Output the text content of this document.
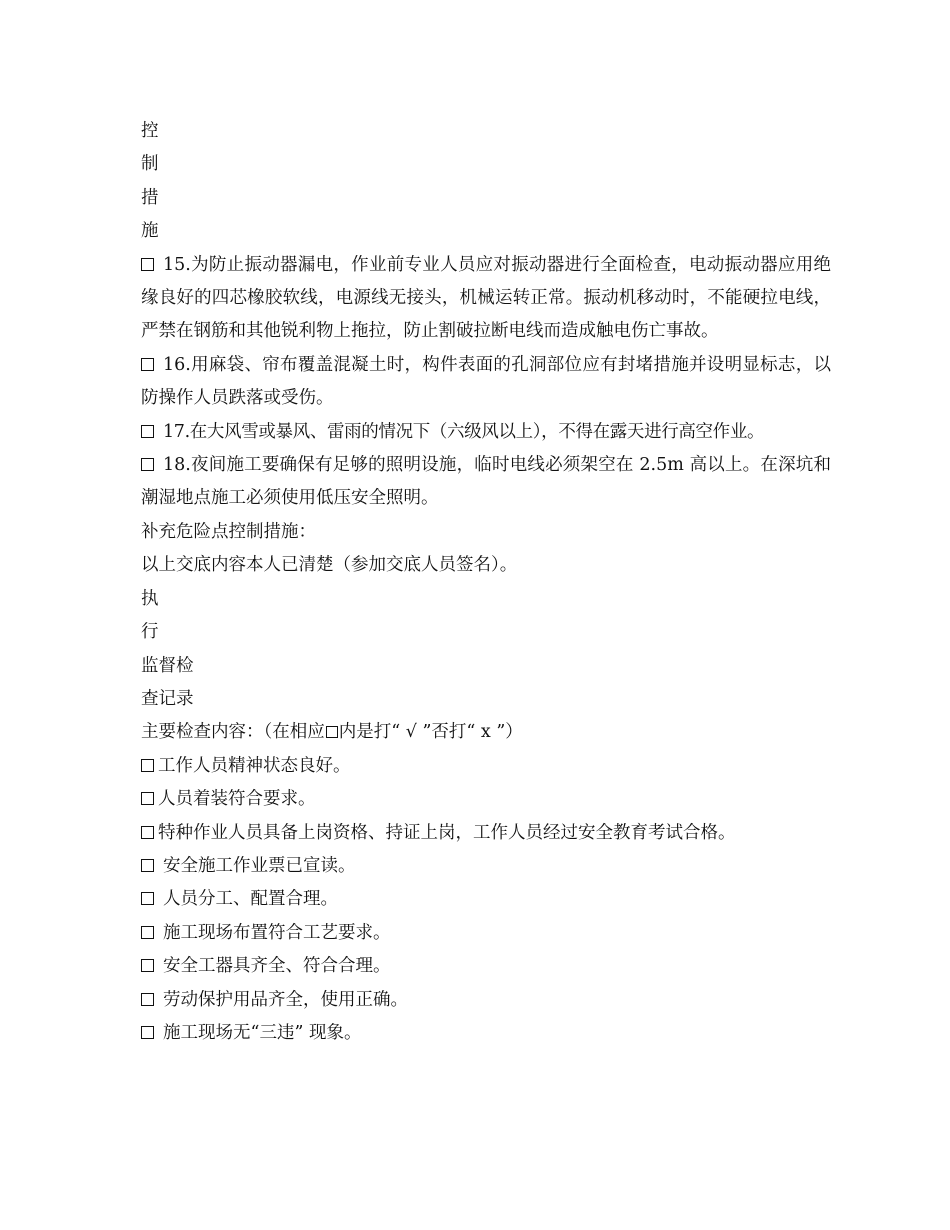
控

制

措

施

15.为防止振动器漏电，作业前专业人员应对振动器进行全面检查，电动振动器应用绝缘良好的四芯橡胶软线，电源线无接头，机械运转正常。振动机移动时，不能硬拉电线，严禁在钢筋和其他锐利物上拖拉，防止割破拉断电线而造成触电伤亡事故。

16.用麻袋、帘布覆盖混凝土时，构件表面的孔洞部位应有封堵措施并设明显标志，以防操作人员跌落或受伤。

17.在大风雪或暴风、雷雨的情况下（六级风以上），不得在露天进行高空作业。

18.夜间施工要确保有足够的照明设施，临时电线必须架空在 2.5m 高以上。在深坑和潮湿地点施工必须使用低压安全照明。

补充危险点控制措施：

以上交底内容本人已清楚（参加交底人员签名）。

执

行

监督检

查记录

主要检查内容：（在相应 内是打“ √ ”否打“ x ”）

工作人员精神状态良好。

人员着装符合要求。

特种作业人员具备上岗资格、持证上岗，工作人员经过安全教育考试合格。

安全施工作业票已宣读。

人员分工、配置合理。

施工现场布置符合工艺要求。

安全工器具齐全、符合合理。

劳动保护用品齐全，使用正确。

施工现场无“三违” 现象。
